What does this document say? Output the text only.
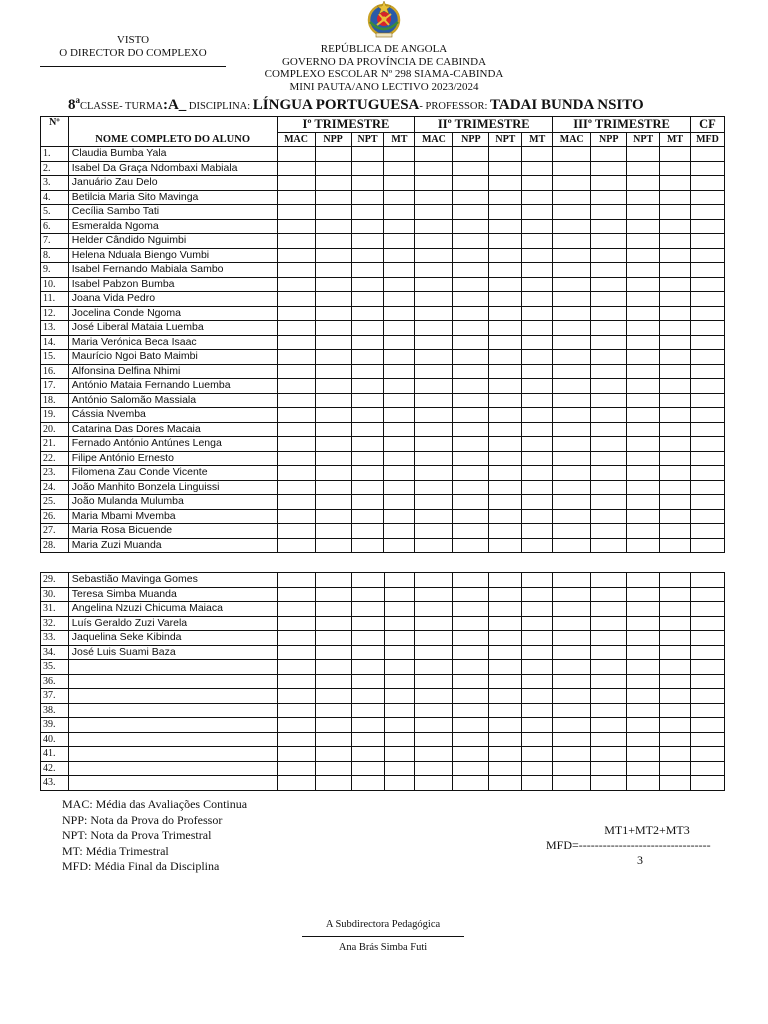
VISTO
O DIRECTOR DO COMPLEXO	REPÚBLICA DE ANGOLA
GOVERNO DA PROVÍNCIA DE CABINDA
COMPLEXO ESCOLAR Nº 298 SIAMA-CABINDA
MINI PAUTA/ANO LECTIVO 2023/2024
8$^a$CLASSE- TURMA:A_ DISCIPLINA: LÍNGUA PORTUGUESA- PROFESSOR: TADAI BUNDA NSITO
Nº	NOME COMPLETO DO ALUNO	Iº TRIMESTRE				IIº TRIMESTRE				IIIº TRIMESTRE				CF
		MAC	NPP	NPT	MT	MAC	NPP	NPT	MT	MAC	NPP	NPT	MT	MFD
1.	Claudia Bumba Yala													
2.	Isabel Da Graça Ndombaxi Mabiala													
3.	Januário Zau Delo													
4.	Betilcia Maria Sito Mavinga													
5.	Cecília Sambo Tati													
6.	Esmeralda Ngoma													
7.	Helder Cândido Nguimbi													
8.	Helena Nduala Biengo Vumbi													
9.	Isabel Fernando Mabiala Sambo													
10.	Isabel Pabzon Bumba													
11.	Joana Vida Pedro													
12.	Jocelina Conde Ngoma													
13.	José Liberal Mataia Luemba													
14.	Maria Verónica Beca Isaac													
15.	Maurício Ngoi Bato Maimbi													
16.	Alfonsina Delfina Nhimi													
17.	António Mataia Fernando Luemba													
18.	António Salomão Massiala													
19.	Cássia Nvemba													
20.	Catarina Das Dores Macaia													
21.	Fernado António Antúnes Lenga													
22.	Filipe António Ernesto													
23.	Filomena Zau Conde Vicente													
24.	João Manhito Bonzela Linguissi													
25.	João Mulanda Mulumba													
26.	Maria Mbami Mvemba													
27.	Maria Rosa Bicuende													
28.	Maria Zuzi Muanda													
29.	Sebastião Mavinga Gomes													
30.	Teresa Simba Muanda													
31.	Angelina Nzuzi Chicuma Maiaca													
32.	Luís Geraldo Zuzi Varela													
33.	Jaquelina Seke Kibinda													
34.	José Luis Suami Baza													
35.														
36.														
37.														
38.														
39.														
40.														
41.														
42.														
43.														
MAC: Média das Avaliações Continua
NPP: Nota da Prova do Professor
NPT: Nota da Prova Trimestral
MT: Média Trimestral
MFD: Média Final da Disciplina
MT1+MT2+MT3
MFD=---------------------------------
3
A Subdirectora Pedagógica
Ana Brás Simba Futi
